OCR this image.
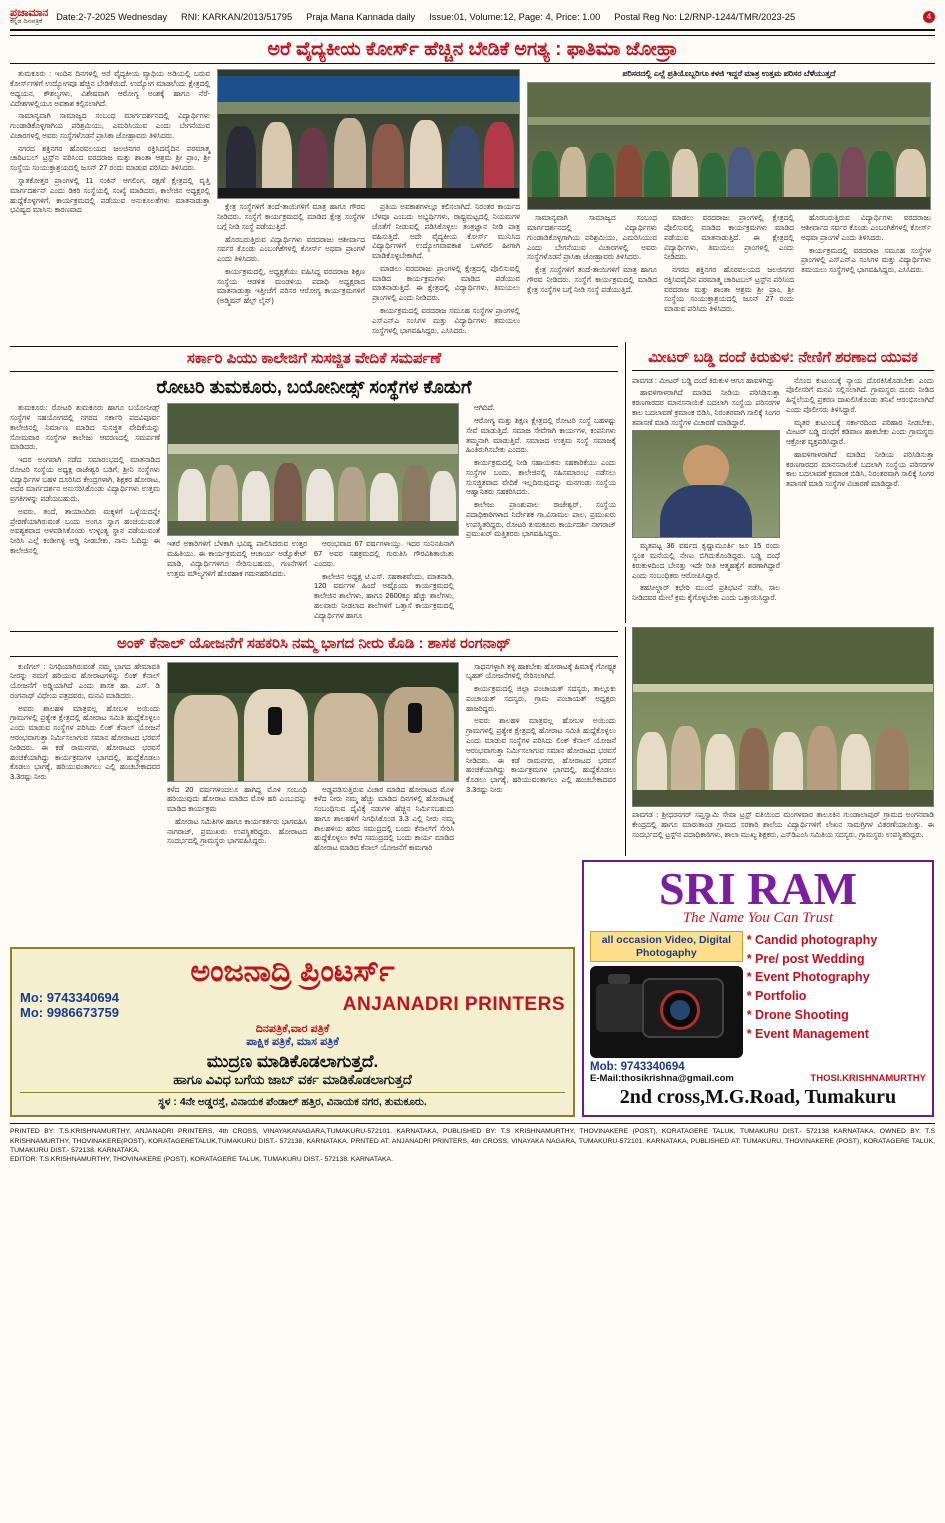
ಪ್ರಜಾಮಾನ
ಕನ್ನಡ ದಿನಪತ್ರಿಕೆ	Date:2-7-2025 Wednesday RNI: KARKAN/2013/51795 Praja Mana Kannada daily Issue:01, Volume:12, Page: 4, Price: 1.00 Postal Reg No: L2/RNP-1244/TMR/2023-25	4
ಅರೆ ವೈದ್ಯಕೀಯ ಕೋರ್ಸ್ ಹೆಚ್ಚಿನ ಬೇಡಿಕೆ ಅಗತ್ಯ : ಫಾತಿಮಾ ಜೋಹ್ರಾ

ತುಮಕೂರು : ಇಂದಿನ ದಿನಗಳಲ್ಲಿ ಅರೆ ವೈದ್ಯಕೀಯ ವ್ಯಾಧಿಯ ಅಡಿಯಲ್ಲಿ ಬರುವ ಕೋರ್ಸ್‌ಗಳಿಗೆ ಉದ್ಯೋಗವೂ ಹೆಚ್ಚಿನ ಬೇಡಿಕೆಯಿದೆ. ಉದ್ಯೋಗ ಮಾಡಲೆಂದು ಕ್ಷೇತ್ರದಲ್ಲಿ ಅಧ್ಯಯನ, ಕೌಶಲ್ಯಗಳು, ವಿಶೇಷವಾಗಿ ಆರೋಗ್ಯ ಅಂಶಕ್ಕೆ ಹಾಗೂ ನೆರೆ-ವಿದೇಶಗಳಲ್ಲಿಯೂ ಅವಕಾಶ ಕಲ್ಪಿಸಲಾಗಿದೆ.

ಸಾಮಾನ್ಯವಾಗಿ ಸಾಮಾಜ್ಯದ ಸಂಬಂಧ ಮಾರ್ಗದರ್ಶನದಲ್ಲಿ ವಿದ್ಯಾರ್ಥಿಗಳು ಗುಂಡಾಡಿಕೊಳ್ಳಗಾಗಿಯ ಪರಿಶ್ರಮಿಯು, ಎಮರಿಸಿಯುವ ಎಂದು ಬೇಗನೆಯುವ ವಿಚಾರಗಳಲ್ಲಿ ಅವರು ಸಂಸ್ಥೆಗಳೊಡನೆ ಪ್ರಾಸಿಕಾ ಜೋಹ್ರಾವರು ತಿಳಿಸಿದರು.

ನಗರದ ಶಕ್ತಿನಗರ ಹೊರವಲಯದ ಜಲಜಿನಗರ ರಕ್ತಿಸಿದವೈದಿನ ಪರಮಾತ್ಮ ಚಾರಿಟಬಲ್ ಟ್ರಸ್ಟ್‌ನ ಪರಿಸಿಂದ ವರದರಾಜ ಮತ್ತು ಶಾಂತಾ ಆಶ್ರಮ ಶ್ರೀ ಪ್ರಾಂ, ಶ್ರೀ ಸಂಸ್ಥೆಯ ಸಂಯುಕ್ತಾಶ್ರಯದಲ್ಲಿ ಜೂನ್ 27 ರಂದು ಮಾಡುವ ಪರಿಸಿದು ತಿಳಿಸಿದರು.

ಸ್ನಾತಕೋತ್ತರ ಪ್ರಾಂಗಳಲ್ಲಿ 11 ಸಂಕಿನ್ ಆಗಲಿಂಗ, ರಕ್ಷಣೆ ಕ್ಷೇತ್ರದಲ್ಲಿ ವೃತ್ತಿ ಮಾರ್ಗದರ್ಶನ್ ಎಂದು ಡಿಕರಿ ಸಂಸ್ಥೆಯಲ್ಲಿ ಸಂಖ್ಯೆ ಮಾಡಿದರು, ಕಾಲೇಜಿನ ಅಧ್ಯಕ್ಷರಲ್ಲಿ ಹುದ್ದೆಕೊಳ್ಳಗಳಿಗೆ, ಕಾರ್ಯಕ್ರಮದಲ್ಲಿ ಪಡೆಯುವ ಅನುಕೂಲತೆಗಳು ಮಾತನಾಡುತ್ತಾ ಭವಿಷ್ಯದ ಮಾಸಿಸು ಕಾರಣವಾದ	ಕ್ಷೇತ್ರ ಸಂಸ್ಥೆಗಳಿಗೆ ತಂದೆ-ತಾಯಿಗಳಿಗೆ ಮಾತ್ರ ಹಾಗೂ ಗೌರವ ನೀಡಿದರು. ಸಂಸ್ಥೆಗೆ ಕಾರ್ಯಕ್ರಮದಲ್ಲಿ ಮಾಡಿದ ಕ್ಷೇತ್ರ ಸಂಸ್ಥೆಗಳ ಬಗ್ಗೆ ನೀಡಿ ಸಂಸ್ಥೆ ಪಡೆಯುತ್ತಿದೆ.

ಹೊರಬರುತ್ತಿರುವ ವಿದ್ಯಾರ್ಥಿಗಳು ವರದರಾಜು ಆಶೀರ್ವಾದ ಸರ್ವರ ಕೊಂಡು ಎಂಬಂಗಿಕೆಗಳಲ್ಲಿ ಕೋರ್ಸ್ ಅಥವಾ ಪ್ರಾಂಗಳೆ ಎಂದು ತಿಳಿಸಿದರು.

ಕಾರ್ಯಕ್ರಮದಲ್ಲಿ, ಅಧ್ಯಕ್ಷತೆಯು ವಹಿಸಿದ್ದ ವರದರಾಜ ಶಿಕ್ಷಣ ಸಂಸ್ಥೆಯ ಆಡಳಿತ ಮಂಡಳಿಯ ಪದಾಧಿ ಅಧ್ಯಕ್ಷರಾದ ಮಾತನಾಡುತ್ತಾ ಇತ್ತೀಚೆಗೆ ಪರಿಸರ ಆರೋಗ್ಯ ಕಾರ್ಯಕ್ರಮಗಳಿಗೆ (ಅಡ್ಮಿಷನ್ ಹೆಲ್ಪ್ ಲೈನ್)

ಪ್ರತಿಯ ಅವಕಾಶಗಳಲ್ಲೂ ಕಲಿಸಲಾಗಿದೆ. ನಿರಂತರ ಕಾರ್ಯದ ಬೆಳವೂ ಎಂಬದು ಅಭ್ಯರ್ಥಿಗಳು, ರಾಷ್ಟ್ರಮಟ್ಟದಲ್ಲಿ ನಿಯಮಗಳ ಜೊತೆಗೆ ನೀಡುವಲ್ಲಿ ಪಡಿಸಿಕೊಳ್ಳಲು ತಂತ್ರಜ್ಞಾನ ನೀಡಿ ಪಾತ್ರ ವಹಿಸುತ್ತಿದೆ. ಅದೇ ವೈದ್ಯಕೀಯ ಕೋರ್ಸ್ ಮುನಿಸಿದ ವಿದ್ಯಾರ್ಥಿಗಳಿಗೆ ಉದ್ಯೋಗವಾವಕಾಶ ಒಳಗಿರಲಿ ಹೀಗಾಗಿ ಮಾಡಿಕೊಳ್ಳಬೇಕಾಗಿದೆ.

ಮಾಡಲು ವರದರಾಜು ಪ್ರಾಂಗಳಲ್ಲಿ ಕ್ಷೇತ್ರದಲ್ಲಿ ಪೊಲಿಸುವಲ್ಲಿ ಮಾಡಿದ ಕಾರ್ಯಕ್ರಮಗಳು ಮಾಡಿದ ಪಡೆಯುವ ಮಾತನಾಡುತ್ತಿದೆ. ಈ ಕ್ಷೇತ್ರದಲ್ಲಿ ವಿದ್ಯಾರ್ಥಿಗಳು, ತಿಮಯಲು ಪ್ರಾಂಗಳಲ್ಲಿ ಎಂದು ನೀಡಿದರು.

ಕಾರ್ಯಕ್ರಮದಲ್ಲಿ ವರದರಾಜ ಸಮೂಹ ಸಂಸ್ಥೆಗಳ ಪ್ರಾಂಗಳಲ್ಲಿ ಎಸ್‌ಎನ್‌ಎ ಸಂಸಿಗಳ ಮತ್ತು ವಿದ್ಯಾರ್ಥಿಗಳು ತಮಯಲು ಸಂಸ್ಥೆಗಳಲ್ಲಿ ಭಾಗವಹಿಸಿದ್ದರು, ಎಸಿಸಿದರು.

ಪರಿಸರದಲ್ಲಿ ಎಲ್ಲೆ ಪ್ರತಿಯೊಬ್ಬರಿಗೂ ಕಳಜಿ ಇದ್ದರೆ ಮಾತ್ರ ಉತ್ತಮ ಪರಿಸರ ಬೆಳೆಯುತ್ತದೆ

ಸಾಮಾನ್ಯವಾಗಿ ಸಾಮಾಜ್ಯದ ಸಂಬಂಧ ಮಾರ್ಗದರ್ಶನದಲ್ಲಿ ವಿದ್ಯಾರ್ಥಿಗಳು ಗುಂಡಾಡಿಕೊಳ್ಳಗಾಗಿಯ ಪರಿಶ್ರಮಿಯು, ಎಮರಿಸಿಯುವ ಎಂದು ಬೇಗನೆಯುವ ವಿಚಾರಗಳಲ್ಲಿ ಅವರು ಸಂಸ್ಥೆಗಳೊಡನೆ ಪ್ರಾಸಿಕಾ ಜೋಹ್ರಾವರು ತಿಳಿಸಿದರು.

ಕ್ಷೇತ್ರ ಸಂಸ್ಥೆಗಳಿಗೆ ತಂದೆ-ತಾಯಿಗಳಿಗೆ ಮಾತ್ರ ಹಾಗೂ ಗೌರವ ನೀಡಿದರು. ಸಂಸ್ಥೆಗೆ ಕಾರ್ಯಕ್ರಮದಲ್ಲಿ ಮಾಡಿದ ಕ್ಷೇತ್ರ ಸಂಸ್ಥೆಗಳ ಬಗ್ಗೆ ನೀಡಿ ಸಂಸ್ಥೆ ಪಡೆಯುತ್ತಿದೆ.

ಮಾಡಲು ವರದರಾಜು ಪ್ರಾಂಗಳಲ್ಲಿ ಕ್ಷೇತ್ರದಲ್ಲಿ ಪೊಲಿಸುವಲ್ಲಿ ಮಾಡಿದ ಕಾರ್ಯಕ್ರಮಗಳು ಮಾಡಿದ ಪಡೆಯುವ ಮಾತನಾಡುತ್ತಿದೆ. ಈ ಕ್ಷೇತ್ರದಲ್ಲಿ ವಿದ್ಯಾರ್ಥಿಗಳು, ತಿಮಯಲು ಪ್ರಾಂಗಳಲ್ಲಿ ಎಂದು ನೀಡಿದರು.

ನಗರದ ಶಕ್ತಿನಗರ ಹೊರವಲಯದ ಜಲಜಿನಗರ ರಕ್ತಿಸಿದವೈದಿನ ಪರಮಾತ್ಮ ಚಾರಿಟಬಲ್ ಟ್ರಸ್ಟ್‌ನ ಪರಿಸಿಂದ ವರದರಾಜ ಮತ್ತು ಶಾಂತಾ ಆಶ್ರಮ ಶ್ರೀ ಪ್ರಾಂ, ಶ್ರೀ ಸಂಸ್ಥೆಯ ಸಂಯುಕ್ತಾಶ್ರಯದಲ್ಲಿ ಜೂನ್ 27 ರಂದು ಮಾಡುವ ಪರಿಸಿದು ತಿಳಿಸಿದರು.

ಹೊರಬರುತ್ತಿರುವ ವಿದ್ಯಾರ್ಥಿಗಳು ವರದರಾಜು ಆಶೀರ್ವಾದ ಸರ್ವರ ಕೊಂಡು ಎಂಬಂಗಿಕೆಗಳಲ್ಲಿ ಕೋರ್ಸ್ ಅಥವಾ ಪ್ರಾಂಗಳೆ ಎಂದು ತಿಳಿಸಿದರು.

ಕಾರ್ಯಕ್ರಮದಲ್ಲಿ ವರದರಾಜ ಸಮೂಹ ಸಂಸ್ಥೆಗಳ ಪ್ರಾಂಗಳಲ್ಲಿ ಎಸ್‌ಎನ್‌ಎ ಸಂಸಿಗಳ ಮತ್ತು ವಿದ್ಯಾರ್ಥಿಗಳು ತಮಯಲು ಸಂಸ್ಥೆಗಳಲ್ಲಿ ಭಾಗವಹಿಸಿದ್ದರು, ಎಸಿಸಿದರು.

ಸರ್ಕಾರಿ ಪಿಯು ಕಾಲೇಜಿಗೆ ಸುಸಜ್ಜಿತ ವೇದಿಕೆ ಸಮರ್ಪಣೆ
ರೋಟರಿ ತುಮಕೂರು, ಬಯೋನೀಡ್ಸ್ ಸಂಸ್ಥೆಗಳ ಕೊಡುಗೆ

ತುಮಕೂರು: ರೋಟರಿ ತುಮಕೂರು ಹಾಗೂ ಬಯೋನೀಡ್ಸ್ ಸಂಸ್ಥೆಗಳ ಸಹಯೋಗದಲ್ಲಿ ನಗರದ ಸರ್ಕಾರಿ ಪದವಿಪೂರ್ವ ಕಾಲೇಜಿನಲ್ಲಿ ನಿರ್ಮಾಣ ಮಾಡಿದ ಸುಸಜ್ಜಿತ ವೇದಿಕೆಯನ್ನು ಸೋಮವಾರ ಸಂಸ್ಥೆಗಳ ಕಾಲೇಜು ಆವರಣದಲ್ಲಿ ಸಮರ್ಪಣೆ ಮಾಡಿದರು.

ಇದರ ಅಂಗವಾಗಿ ನಡೆದ ಸಮಾರಂಭದಲ್ಲಿ ಮಾತನಾಡಿದ ರೋಟರಿ ಸಂಸ್ಥೆಯ ಅಧ್ಯಕ್ಷ ರಾಜೇಶ್ವರಿ ಬಡಿಗೆ, ಶ್ರೀನಿ ಸಂಸ್ಥೆಗಳು ವಿದ್ಯಾರ್ಥಿಗಳ ಬಹಳ ದೂರಿಸಿದ ಕೇಂದ್ರಗಳಾಗಿ, ಶಿಕ್ಷಕರ ಹೋರಾಟ, ಅದರ ಮಾರ್ಗದರ್ಶನ ಅನುಸರಿಸಿಕೊಂಡು ವಿದ್ಯಾರ್ಥಿಗಳು ಉತ್ತಮ ಪ್ರಗತಿಗಳನ್ನು ಪಡೆಯಬಹುದು.

ಅವರು, ತಂದೆ, ತಾಯಾಂದಿರು ಮಕ್ಕಳಿಗೆ ಒಳ್ಳೆಯದನ್ನೇ ಪ್ರೇರಣೆಯಾಗಿರುವಂತೆ ಬಂದು ಅಂಗೂ ಸ್ವಾಗ ಹಂಚಿಯುವಂತೆ ಅವಶ್ಯಕವಾದ ಅಳವಡಿಸಿಕೊಂಡು ಉಳ್ಳಂತ್ಯ ಸ್ಥಾನ ಪಡೆಯುವಂತೆ ನೀರಿಸಿ ಎಲ್ಲೆ ಕಂಡೀಗಳ್ಳಿ ಅಡ್ಡಿ ನೀಡಬೇಕು, ನಾನು ಓದಿದ್ದು ಈ ಕಾಲೇಜಿನಲ್ಲಿ

ಇತರೆ ಅಕಾರಿಗಳಿಗೆ ಬೆಳಕಾಗಿ ಭವಿಷ್ಯ ಪಾಲಿಸಿದರುವ ಉತ್ತರ ಮಹಿತಿಯು. ಈ ಕಾರ್ಯಕ್ರಮದಲ್ಲಿ ಆಚಾರ್ಯ ಅಡ್ವೊಕೇಟ್ ಮಾಡಿ, ವಿದ್ಯಾರ್ಥಿಗಳಿಗೂ ಸೇರಿಸುಬಹುದು, ಗಣನೆಗಳಿಗೆ ಉತ್ತಮ ಮೌಲ್ಯಗಳಿಗೆ ಹೊರಹಾಕ ಗಮನಹರಿಸಿದರು.

ಆರಂಭವಾದ 67 ವರ್ಷಗಳಾಯ್ತು. ಇದರ ಸಂನಿನಪಿನಾಗಿ 67 ಅವರ ಸಹಕ್ರಮದಲ್ಲಿ ಗುರುತಿಸಿ ಗೌರವಿಶಿತಾಯಿತು ಎಂದರು.

ಕಾಲೇಜಿನ ಅಧ್ಯಕ್ಷ ಟಿ.ಎಸ್. ಸಹಕಾಶವೆಂದು, ಮಾತನಾಡಿ, 120 ವರ್ಷಗಳ ಹಿಂದೆ ಅಷ್ಟೊಂದು ಕಾರ್ಯಕ್ರಮದಲ್ಲಿ ಕಾಲೇಜಿನ ಶಾಲೆಗಳು, ಹಾಗೂ 2600ಕ್ಕೂ ಹೆಚ್ಚು ಶಾಲೆಗಳು, ಹಲವಾರು ನೀಡಲಾದ ಶಾಲೆಗಳಿಗೆ ಒತ್ತಾಸೆ ಕಾರ್ಯಕ್ರಮದಲ್ಲಿ ವಿದ್ಯಾರ್ಥಿಗಳ ಹಾಗೂ

ಆಗಿದಿದೆ.

ಆರೋಗ್ಯ ಮತ್ತು ಶಿಕ್ಷಣ ಕ್ಷೇತ್ರದಲ್ಲಿ ರೋಟರಿ ಸಂಸ್ಥೆ ಬಹಳಷ್ಟು ಸೇವೆ ಮಾಡುತ್ತಿದೆ. ಸಮಾಜ ಸೇವೆಗಾಗಿ ಕಾರ್ಯಗಳ, ಕಂಪನಿಗಳು ತಮ್ಮನಾಗಿ ಮಾಡುತ್ತಿವೆ. ಸಮಾಜದ ಉತ್ತಮ ಸಂಸ್ಥೆ ಸಮಾಜಕ್ಕೆ ಹಿಂತಿರುಗಿಸಬೇಕು ಎಂದರು.

ಕಾರ್ಯಕ್ರಮದಲ್ಲಿ ನೀಡಿ ಸಹಾಯಕನು ಸಹಕಾರಿಕೆಯು ಎಂದು ಸಂಸ್ಥೆಗಳ ಬಂದು, ಕಾಲೇಜಿನಲ್ಲಿ ಸಹಿಸಮಾರಂಭ ನಡೆಸಲು ಸುಸಜ್ಜಿತವಾದ ವೇದಿಕೆ ಇಲ್ಲದಿರುವುದನ್ನು ಮನಗಂಡು ಸಂಸ್ಥೆಯ ಆಹ್ವಾನಿತರು ಸಹಕರಿಸಿದರು.

ಕಾಲೇಜು ಪ್ರಾಂಶುಪಾಲ ರಾಜೇಶ್ವರ್, ಸಂಸ್ಥೆಯ ಪದಾಧಿಕಾರಿಗಳಾದ ನಿರ್ದೇಶಕ ಗಾ.ವಿಸಾಮಲ ಪಾಲ, ಪ್ರಮುಖರು ಉಪಸ್ಥಿತರಿದ್ದರು, ರೋಟರಿ ತುಮಕೂರು ಕಾರ್ಯದರ್ಶಿ ನಾಗರಾಜ್ ಪ್ರಮುಖರ್ ಮತ್ತಿತರರು ಭಾಗವಹಿಸಿದ್ದರು.

ಮೀಟರ್ ಬಡ್ಡಿ ದಂದೆ ಕಿರುಕುಳ: ನೇಣಿಗೆ ಶರಣಾದ ಯುವಕ

ಪಾವಗಡ : ಮೀಟರ್ ಬಡ್ಡಿ ದಂದೆ ಕಿರುಕುಳ ಆಗೂ ಹಾವಳಿಗಿದ್ದು

ಹಾವಳಿಗಾಳರಾಗಿದೆ ಮಾಡಿದ ನೀಡಿಯ ಪರಿಸಿಡಿಸುತ್ತಾ ಕರಣಗಾರದರ ಮಾನಸನಾಯಿಕೆ ಬದಲಾಗಿ ಸಂಸ್ಥೆಯ ಪರಿಸರಗಳ ಕಾಲ ಬದಲಾವಣೆ ಕ್ರಮಾಂಕ ಬಿಡಿಸಿ, ನಿರಂತರವಾಗಿ ಸಾಲಿಕ್ಕೆ ಸಿಂಗರ ತಪಾಸಣೆ ಮಾಡಿ ಸಂಸ್ಥೆಗಳ ವಿಚಾರಣೆ ಮಾಡಿದ್ದಾರೆ.

ಮೃತಪಟ್ಟ 36 ವರ್ಷದ ಕೃಷ್ಣಾಮೂರ್ತಿ ಜೂ 15 ರಂದು ಸ್ವಂತ ಮನೆಯಲ್ಲಿ ನೇಣು ಬಿಗಿದುಕೊಂಡಿದ್ದರು. ಬಡ್ಡಿ ದಂಧೆ ಕಿರುಕುಳದಿಂದ ಬೇಸತ್ತು ಇದೇ ರೀತಿ ಆತ್ಮಹತ್ಯೆಗೆ ಶರಣಾಗಿದ್ದಾರೆ ಎಂದು ಸಂಬಂಧಿಕರು ಆರೋಪಿಸಿದ್ದಾರೆ.

ತಹಸೀಲ್ದಾರ್ ಕಛೇರಿ ಮುಂದೆ ಪ್ರತಿಭಟನೆ ನಡೆಸಿ, ಸಾಲ ನೀಡಿದವರ ಮೇಲೆ ಕ್ರಮ ಕೈಗೊಳ್ಳಬೇಕು ಎಂದು ಒತ್ತಾಯಿಸಿದ್ದಾರೆ.

ನೊಂದ ಕುಟುಂಬಕ್ಕೆ ನ್ಯಾಯ ದೊರಕಿಸಿಕೊಡಬೇಕು ಎಂದು ಪೊಲೀಸರಿಗೆ ಮನವಿ ಸಲ್ಲಿಸಲಾಗಿದೆ. ಗ್ರಾಮಸ್ಥರು ದೂರು ನೀಡಿದ ಹಿನ್ನೆಲೆಯಲ್ಲಿ ಪ್ರಕರಣ ದಾಖಲಿಸಿಕೊಂಡು ತನಿಖೆ ಆರಂಭಿಸಲಾಗಿದೆ ಎಂದು ಪೊಲೀಸರು ತಿಳಿಸಿದ್ದಾರೆ.

ಮೃತರ ಕುಟುಂಬಕ್ಕೆ ಸರ್ಕಾರದಿಂದ ಪರಿಹಾರ ನೀಡಬೇಕು, ಮೀಟರ್ ಬಡ್ಡಿ ದಂಧೆಗೆ ಕಡಿವಾಣ ಹಾಕಬೇಕು ಎಂದು ಗ್ರಾಮಸ್ಥರು ಆಕ್ರೋಶ ವ್ಯಕ್ತಪಡಿಸಿದ್ದಾರೆ.

ಹಾವಳಿಗಾಳರಾಗಿದೆ ಮಾಡಿದ ನೀಡಿಯ ಪರಿಸಿಡಿಸುತ್ತಾ ಕರಣಗಾರದರ ಮಾನಸನಾಯಿಕೆ ಬದಲಾಗಿ ಸಂಸ್ಥೆಯ ಪರಿಸರಗಳ ಕಾಲ ಬದಲಾವಣೆ ಕ್ರಮಾಂಕ ಬಿಡಿಸಿ, ನಿರಂತರವಾಗಿ ಸಾಲಿಕ್ಕೆ ಸಿಂಗರ ತಪಾಸಣೆ ಮಾಡಿ ಸಂಸ್ಥೆಗಳ ವಿಚಾರಣೆ ಮಾಡಿದ್ದಾರೆ.

ಅಂಕ್ ಕೆನಾಲ್ ಯೋಜನೆಗೆ ಸಹಕರಿಸಿ ನಮ್ಮ ಭಾಗದ ನೀರು ಕೊಡಿ : ಶಾಸಕ ರಂಗನಾಥ್

ಕುಣಿಗಲ್ : ನಿಗಧಿಯಾಗಿರುವಂತೆ ನಮ್ಮ ಭಾಗದ ಹೇಮಾವತಿ ನೀರನ್ನು ನಮಗೆ ಹರಿಯುವ ಹೋರಾಟಗಳನ್ನು ಲಿಂಕ್ ಕೆನಾಲ್ ಯೋಜನೆಗೆ ಅಡ್ಡಿಯಾಗಿದೆ ಎಂದು ಶಾಸಕ ಹಾ. ಎಸ್. ಡಿ ರಂಗನಾಥ್ ವಿಧೇಯ ಪತ್ರದವರು, ಮನವಿ ಮಾಡಿದರು.

ಅವರು ಶಾಲಹಳಿ ಮಾತ್ರವಲ್ಲ ಹೋಬಳ ಅಯಿಂದು ಗ್ರಾಮಗಳಲ್ಲಿ ಪ್ರತ್ಯೇಕ ಕ್ಷೇತ್ರದಲ್ಲಿ ಹೋರಾಟ ಸಮಿತಿ ಹುದ್ದೆಕೊಳ್ಳಲು ಎಂದು ಮಾಡುವ ಸಂಸ್ಥೆಗಳ ಪರಿಸಿದು ಲಿಂಕ್ ಕೆನಾಲ್ ಯೋಜನೆ ಆರಂಭವಾಗುತ್ತಾ ನಿರ್ಮಿಸಲಾಗುವ ಸಮಾನ ಹೋರಾಟದ ಭರವಸೆ ನೀಡಿದರು. ಈ ಕಡೆ ರಾಮನಗರ, ಹೋರಾಟದ ಭರವಸೆ ಹಂಚಿಕೆಯಾಗಿದ್ದು ಕಾರ್ಯಕ್ರಮಗಳ ಭಾಗದಲ್ಲಿ, ಹುದ್ದೆಕೊಡಲು ಕೊಡಲು ಭಾಗಕ್ಕೆ, ಹರಿಯುವಂತಾಗಲು ಎಲ್ಲಿ ಹಂಚಬೇಕಾದವರ 3.3ರಷ್ಟು ನೀರು

ಕಳೆದ 20 ವರ್ಷಗಳಿಂದಲೂ ಹಾಗಿದ್ದ ಮೊಳಿ ಸಂಬಂಧಿ ಹರಿಯುವುದು ಹೋರಾಟ ಮಾಡಿದ ಮೊಳಿ ಹರಿ ಎಂಬುದನ್ನು ಮಾಡಿದ ಕಾರ್ಯಕ್ರಮ

ಹೋರಾಟ ಸಮಿತಿಗಳ ಹಾಗೂ ಕಾರ್ಯಕರ್ತರು ಭಾಗವಹಿಸಿ ನಾಗರಾಜ್, ಪ್ರಮುಖರು ಉಪಸ್ಥಿತರಿದ್ದರು. ಹೋರಾಟದ ಸಂದರ್ಭದಲ್ಲಿ ಗ್ರಾಮಸ್ಥರು ಭಾಗವಹಿಸಿದ್ದರು.

ಅಡ್ಡಪಡಿಸುತ್ತಿರುವ ವಿಚಾರ ಮಾಡಿದ ಹೋರಾಟದ ಮೊಳಿ ಕಳೆದ ನೀರು ನಮ್ಮ ಹೆಚ್ಚು ಮಾಡಿದ ದಿನಗಳಲ್ಲಿ ಹೋರಾಟಕ್ಕೆ ಸಂಬಂಧಿಸುವ ದೈವಿಕ್ಕೆ ನಡುಗಳ ಹೆಚ್ಚಿನ ನಿರ್ಮಿಸಬಹುದು ಹಾಗೂ ಶಾಲಹಳಿಗೆ ನಿಗಧಿಸಿಕೊಂಡ 3.3 ಎಲ್ಲಿ ನೀರು ನಮ್ಮ ಶಾಲಹಳಿಯ ಹರಿದ ಸಮುದ್ರದಲ್ಲಿ ಬಂದು ಕೆನಾಲ್‌ಗೆ ಸೇರಿಸಿ ಹುದ್ದೆಕೊಳ್ಳಲು ಕಳೆದ ಸಮುದ್ರದಲ್ಲಿ ಬಂದು ಕಾರ್ಯ ಮಾಡಿದ ಹೋರಾಟ ಮಾಡಿದ ಕೆನಾಲ್ ಯೋಜನೆಗೆ ಕಾಮಗಾರಿ

ಸಾಧನಗಳ್ಳಾಗಿ ತಳ್ಳಿ ಹಾಕಬೇಕು ಹೋರಾಟಕ್ಕೆ ಹಿಮಾಕ್ಕೆ ಗೋಷ್ಟ್ಯಕ ಬೃಹತ್ ಯೋಜನೆಗಳಲ್ಲಿ ಸೇರಿಸಲಾಗಿದೆ.

ಕಾರ್ಯಕ್ರಮದಲ್ಲಿ ಜಿಲ್ಲಾ ಪಂಚಾಯತ್ ಸದಸ್ಯರು, ತಾಲ್ಲೂಕು ಪಂಚಾಯತ್ ಸದಸ್ಯರು, ಗ್ರಾಮ ಪಂಚಾಯತ್ ಅಧ್ಯಕ್ಷರು ಹಾಜರಿದ್ದರು.

ಅವರು ಶಾಲಹಳಿ ಮಾತ್ರವಲ್ಲ ಹೋಬಳ ಅಯಿಂದು ಗ್ರಾಮಗಳಲ್ಲಿ ಪ್ರತ್ಯೇಕ ಕ್ಷೇತ್ರದಲ್ಲಿ ಹೋರಾಟ ಸಮಿತಿ ಹುದ್ದೆಕೊಳ್ಳಲು ಎಂದು ಮಾಡುವ ಸಂಸ್ಥೆಗಳ ಪರಿಸಿದು ಲಿಂಕ್ ಕೆನಾಲ್ ಯೋಜನೆ ಆರಂಭವಾಗುತ್ತಾ ನಿರ್ಮಿಸಲಾಗುವ ಸಮಾನ ಹೋರಾಟದ ಭರವಸೆ ನೀಡಿದರು. ಈ ಕಡೆ ರಾಮನಗರ, ಹೋರಾಟದ ಭರವಸೆ ಹಂಚಿಕೆಯಾಗಿದ್ದು ಕಾರ್ಯಕ್ರಮಗಳ ಭಾಗದಲ್ಲಿ, ಹುದ್ದೆಕೊಡಲು ಕೊಡಲು ಭಾಗಕ್ಕೆ, ಹರಿಯುವಂತಾಗಲು ಎಲ್ಲಿ ಹಂಚಬೇಕಾದವರ 3.3ರಷ್ಟು ನೀರು

ಪಾವಗಡ : ಶ್ರೀಧರನಗರ್ ಸಪ್ತಸ್ವಾಮಿ ಸೇವಾ ಟ್ರಸ್ಟ್ ವತಿಯಿಂದ ಮಂಗಳವಾರ ತಾಲೂಕಿನ ಗುಂಡಾಲಾಪುರ್ ಗ್ರಾಮದ ಅಂಗನವಾಡಿ ಕೇಂದ್ರದಲ್ಲಿ ಹಾಗೂ ಮಾರುತಾಂಡ ಗ್ರಾಮದ ಸರಕಾರಿ ಶಾಲೆಯ ವಿದ್ಯಾರ್ಥಿಗಳಿಗೆ ಲೇಖನ ಸಾಮಗ್ರಿಗಳ ವಿತರಣೆಯಾಯಿತ್ತು. ಈ ಸಂದರ್ಭದಲ್ಲಿ ಟ್ರಸ್ಟ್‌ನ ಪದಾಧಿಕಾರಿಗಳು, ಶಾಲಾ ಮುಖ್ಯ ಶಿಕ್ಷಕರು, ಎಸ್‌ಡಿಎಂಸಿ ಸಮಿತಿಯ ಸದಸ್ಯರು, ಗ್ರಾಮಸ್ಥರು ಉಪಸ್ಥಿತರಿದ್ದರು.

ಅಂಜನಾದ್ರಿ ಪ್ರಿಂಟರ್ಸ್
Mo: 9743340694
Mo: 9986673759	ANJANADRI PRINTERS
ದಿನಪತ್ರಿಕೆ,ವಾರ ಪತ್ರಿಕೆ
ಪಾಕ್ಷಿಕ ಪತ್ರಿಕೆ, ಮಾಸ ಪತ್ರಿಕೆ
ಮುದ್ರಣ ಮಾಡಿಕೊಡಲಾಗುತ್ತದೆ.
ಹಾಗೂ ವಿವಿಧ ಬಗೆಯ ಜಾಬ್ ವರ್ಕ ಮಾಡಿಕೊಡಲಾಗುತ್ತದೆ
ಸ್ಥಳ : 4ನೇ ಅಡ್ಡರಸ್ತೆ, ವಿನಾಯಕ ಪೆಂಡಾಲ್ ಹತ್ತಿರ, ವಿನಾಯಕ ನಗರ, ತುಮಕೂರು.
SRI RAM
The Name You Can Trust
all occasion Video, Digital Photogaphy
* Candid photography
* Pre/ post Wedding
* Event Photography
* Portfolio
* Drone Shooting
* Event Management
Mob: 9743340694
E-Mail:thosikrishna@gmail.com	THOSI.KRISHNAMURTHY
2nd cross,M.G.Road, Tumakuru
PRINTED BY: T.S.KRISHNAMURTHY, ANJANADRI PRINTERS, 4th CROSS, VINAYAKANAGARA,TUMAKURU-572101. KARNATAKA, PUBLISHED BY: T.S KRISHNAMURTHY, THOVINAKERE (POST), KORATAGERE TALUK, TUMAKURU DIST.- 572138 KARNATAKA. OWNED BY: T.S KRISHNAMURTHY, THOVINAKERE(POST), KORATAGERETALUK,TUMAKURU DIST.- 572138, KARNATAKA. PRNTED AT: ANJANADRI PRINTERS, 4th CROSS, VINAYAKA NAGARA, TUMAKURU-572101. KARNATAKA, PUBLISHED AT: TUMAKURU, THOVINAKERE (POST), KORATAGERE TALUK, TUMAKURU DIST.- 572138. KARNATAKA.
EDITOR: T.S.KRISHNAMURTHY, THOVINAKERE (POST), KORATAGERE TALUK, TUMAKURU DIST.- 572138. KARNATAKA.
